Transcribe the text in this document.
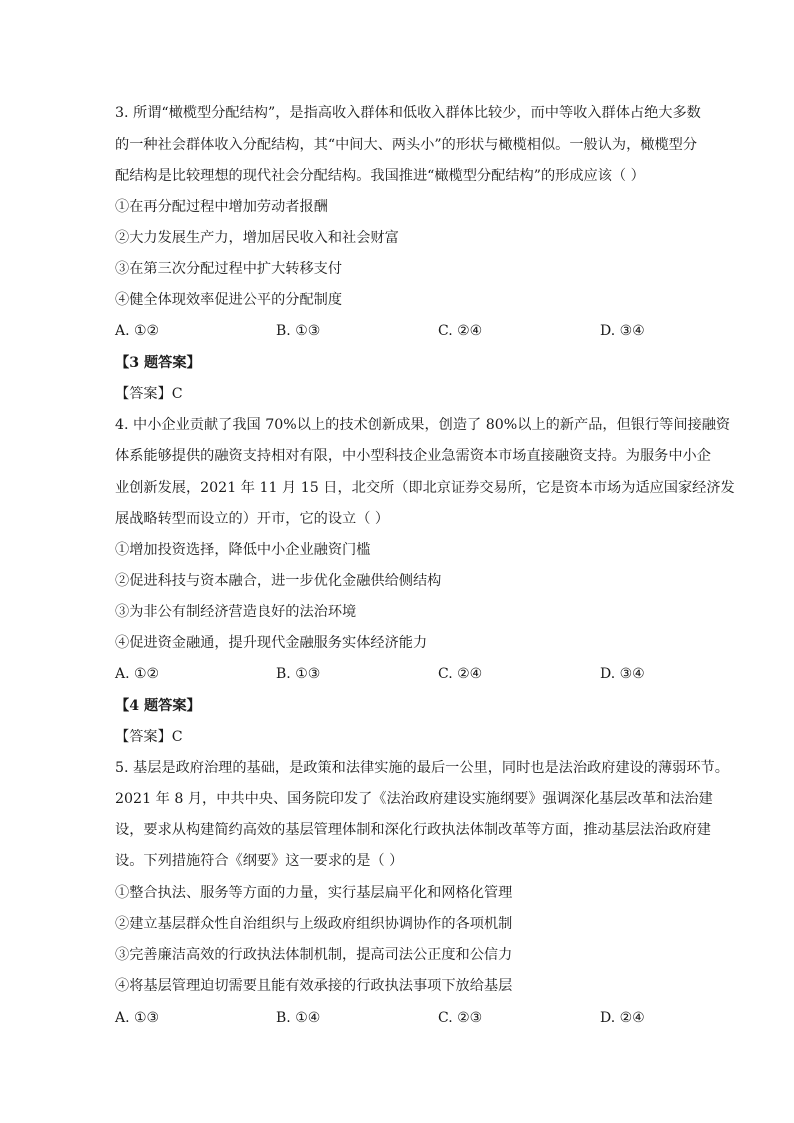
3. 所谓“橄榄型分配结构”，是指高收入群体和低收入群体比较少，而中等收入群体占绝大多数
的一种社会群体收入分配结构，其“中间大、两头小”的形状与橄榄相似。一般认为，橄榄型分
配结构是比较理想的现代社会分配结构。我国推进“橄榄型分配结构”的形成应该（ ）
①在再分配过程中增加劳动者报酬
②大力发展生产力，增加居民收入和社会财富
③在第三次分配过程中扩大转移支付
④健全体现效率促进公平的分配制度
A. ①②	B. ①③	C. ②④	D. ③④
【3 题答案】
【答案】C
4. 中小企业贡献了我国 70%以上的技术创新成果，创造了 80%以上的新产品，但银行等间接融资
体系能够提供的融资支持相对有限，中小型科技企业急需资本市场直接融资支持。为服务中小企
业创新发展，2021 年 11 月 15 日，北交所（即北京证券交易所，它是资本市场为适应国家经济发
展战略转型而设立的）开市，它的设立（ ）
①增加投资选择，降低中小企业融资门槛
②促进科技与资本融合，进一步优化金融供给侧结构
③为非公有制经济营造良好的法治环境
④促进资金融通，提升现代金融服务实体经济能力
A. ①②	B. ①③	C. ②④	D. ③④
【4 题答案】
【答案】C
5. 基层是政府治理的基础，是政策和法律实施的最后一公里，同时也是法治政府建设的薄弱环节。
2021 年 8 月，中共中央、国务院印发了《法治政府建设实施纲要》强调深化基层改革和法治建
设，要求从构建简约高效的基层管理体制和深化行政执法体制改革等方面，推动基层法治政府建
设。下列措施符合《纲要》这一要求的是（ ）
①整合执法、服务等方面的力量，实行基层扁平化和网格化管理
②建立基层群众性自治组织与上级政府组织协调协作的各项机制
③完善廉洁高效的行政执法体制机制，提高司法公正度和公信力
④将基层管理迫切需要且能有效承接的行政执法事项下放给基层
A. ①③	B. ①④	C. ②③	D. ②④
